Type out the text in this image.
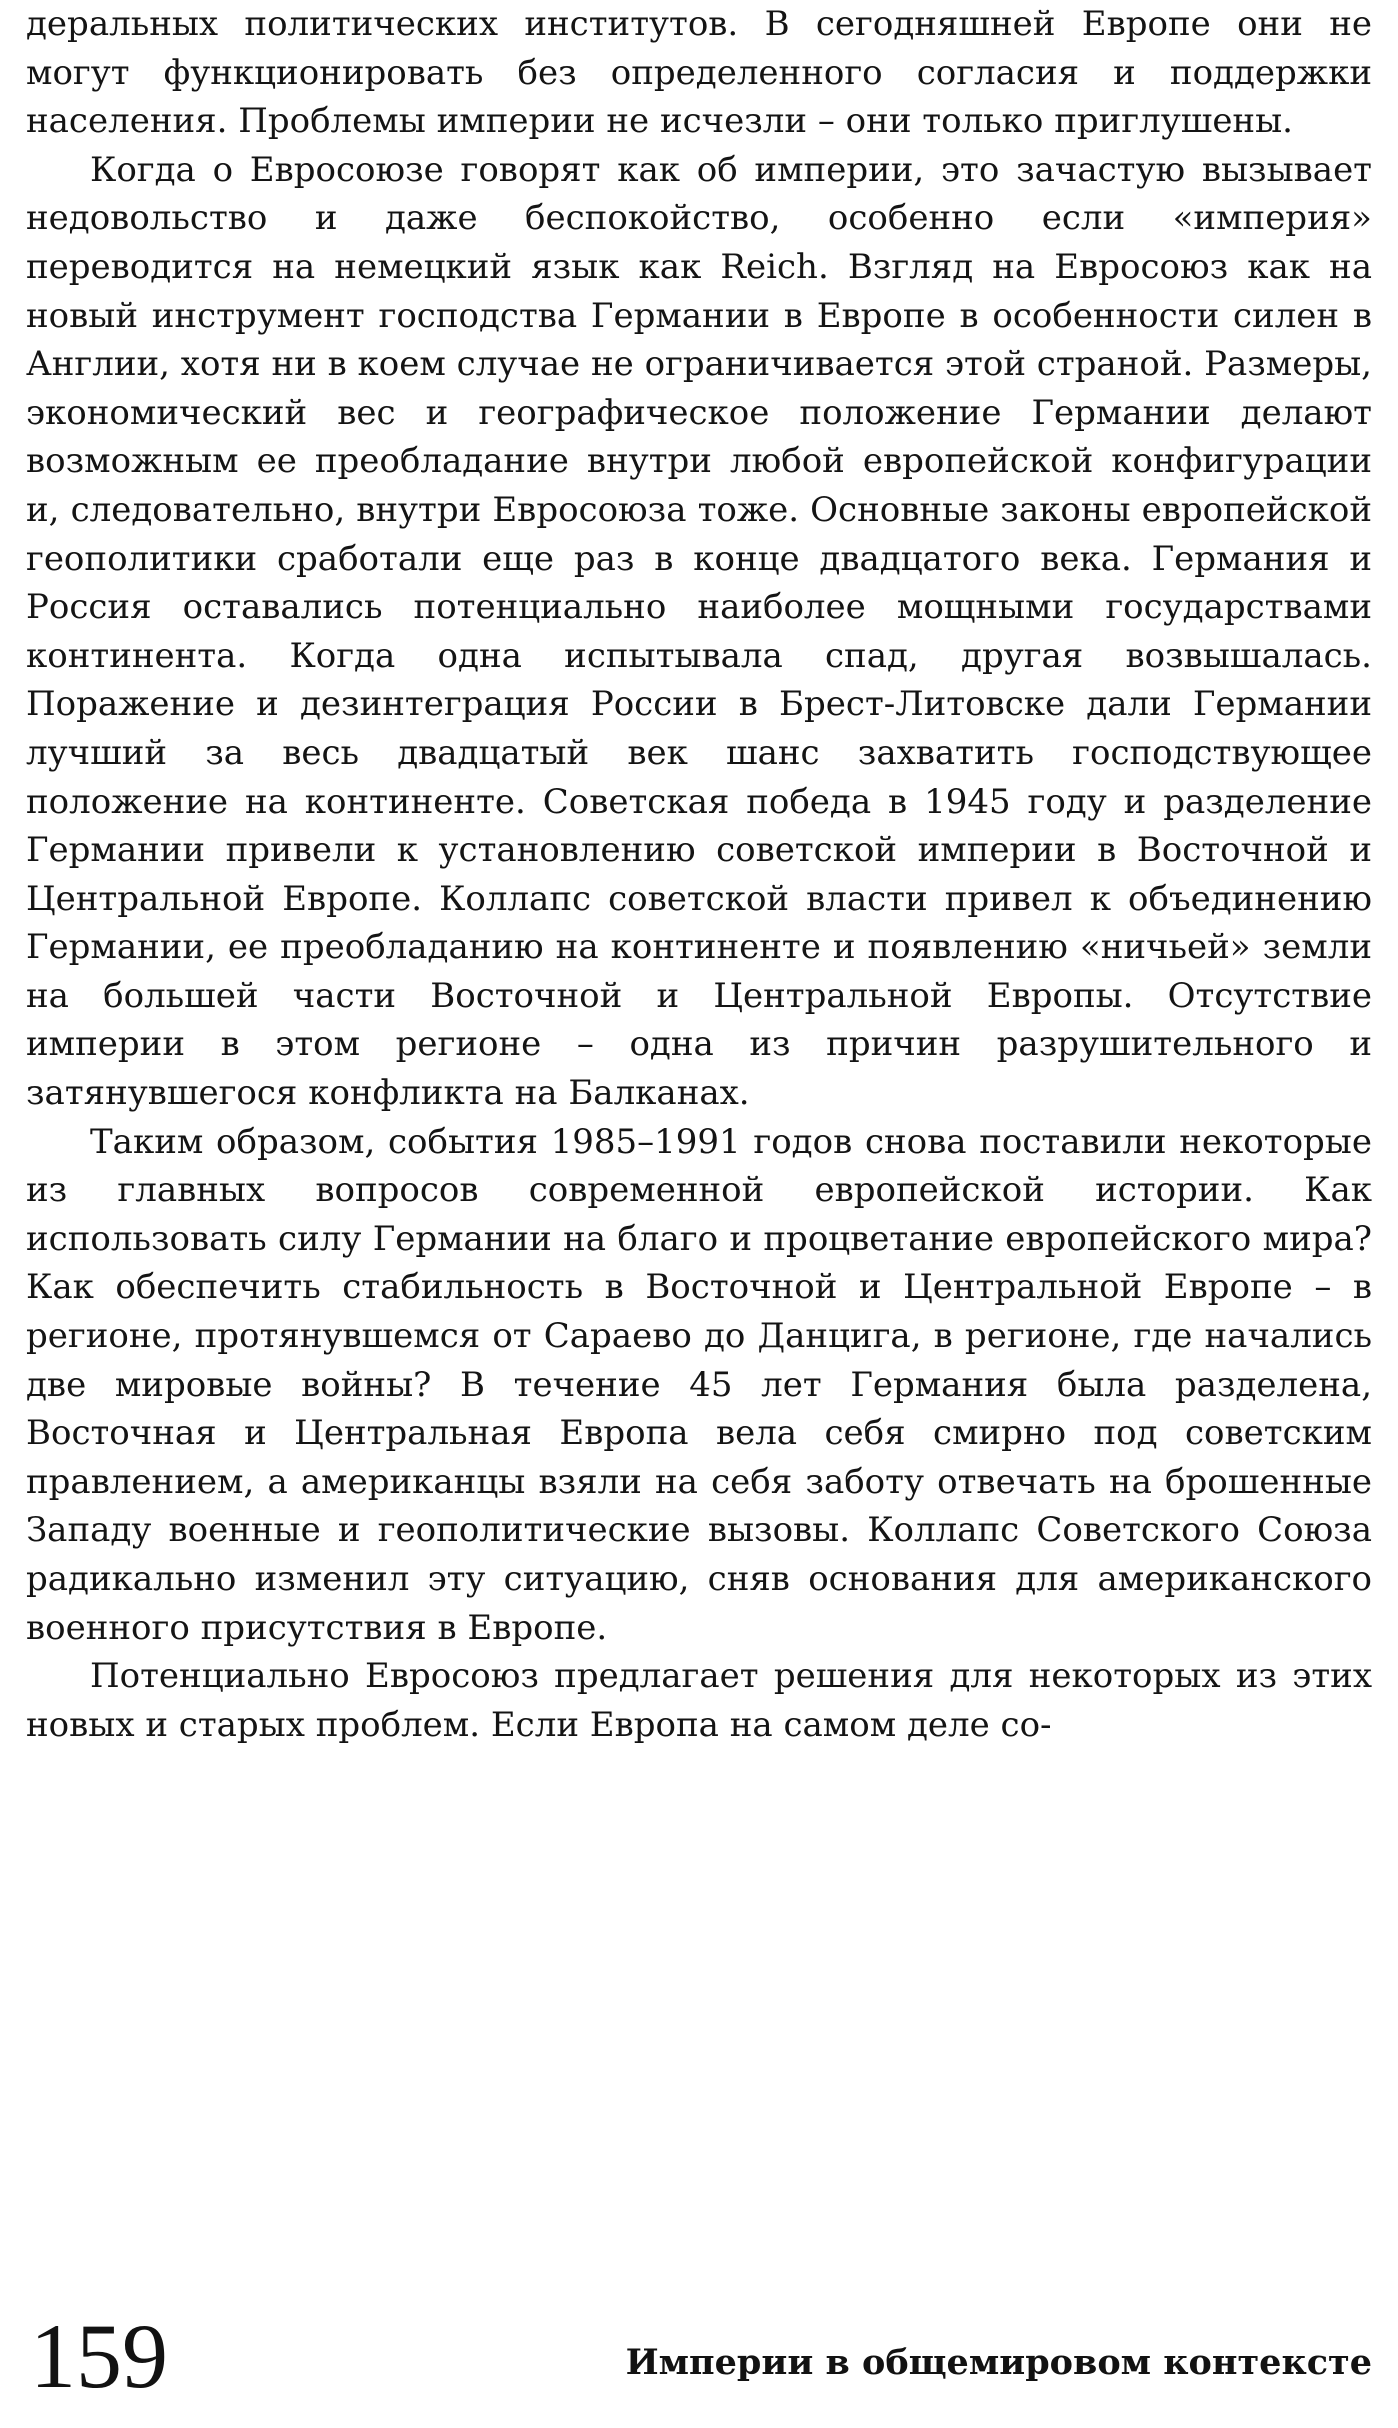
деральных политических институтов. В сегодняшней Европе они не могут функционировать без определенного согласия и поддержки населения. Проблемы империи не исчезли – они только приглушены.

Когда о Евросоюзе говорят как об империи, это зачастую вызывает недовольство и даже беспокойство, особенно если «империя» переводится на немецкий язык как Reich. Взгляд на Евросоюз как на новый инструмент господства Германии в Европе в особенности силен в Англии, хотя ни в коем случае не ограничивается этой страной. Размеры, экономический вес и географическое положение Германии делают возможным ее преобладание внутри любой европейской конфигурации и, следовательно, внутри Евросоюза тоже. Основные законы европейской геополитики сработали еще раз в конце двадцатого века. Германия и Россия оставались потенциально наиболее мощными государствами континента. Когда одна испытывала спад, другая возвышалась. Поражение и дезинтеграция России в Брест-Литовске дали Германии лучший за весь двадцатый век шанс захватить господствующее положение на континенте. Советская победа в 1945 году и разделение Германии привели к установлению советской империи в Восточной и Центральной Европе. Коллапс советской власти привел к объединению Германии, ее преобладанию на континенте и появлению «ничьей» земли на большей части Восточной и Центральной Европы. Отсутствие империи в этом регионе – одна из причин разрушительного и затянувшегося конфликта на Балканах.

Таким образом, события 1985–1991 годов снова поставили некоторые из главных вопросов современной европейской истории. Как использовать силу Германии на благо и процветание европейского мира? Как обеспечить стабильность в Восточной и Центральной Европе – в регионе, протянувшемся от Сараево до Данцига, в регионе, где начались две мировые войны? В течение 45 лет Германия была разделена, Восточная и Центральная Европа вела себя смирно под советским правлением, а американцы взяли на себя заботу отвечать на брошенные Западу военные и геополитические вызовы. Коллапс Советского Союза радикально изменил эту ситуацию, сняв основания для американского военного присутствия в Европе.

Потенциально Евросоюз предлагает решения для некоторых из этих новых и старых проблем. Если Европа на самом деле со-

159	Империи в общемировом контексте
